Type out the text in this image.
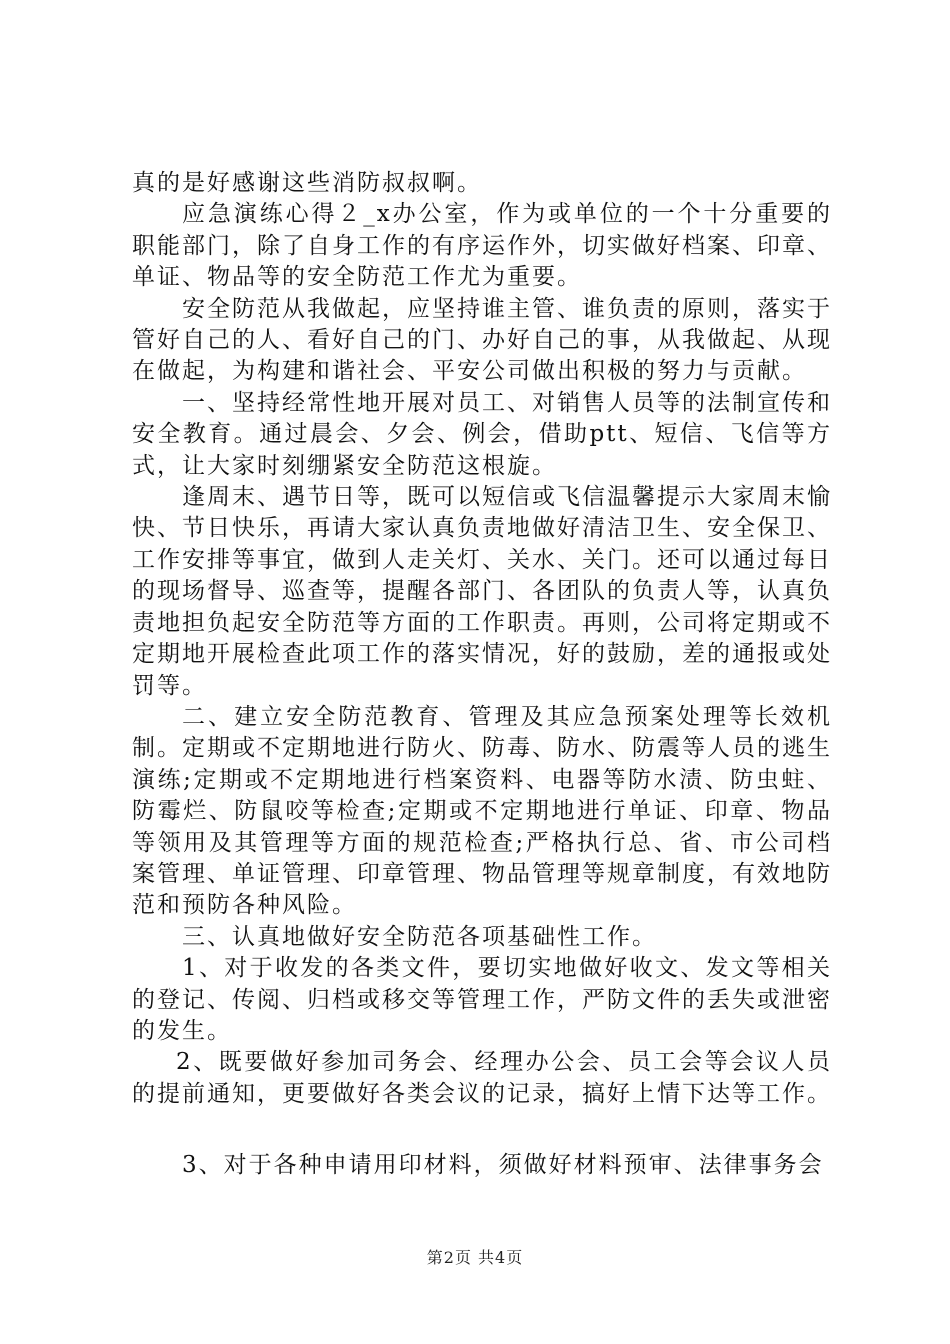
真的是好感谢这些消防叔叔啊。

应急演练心得２_x办公室，作为或单位的一个十分重要的职能部门，除了自身工作的有序运作外，切实做好档案、印章、单证、物品等的安全防范工作尤为重要。

安全防范从我做起，应坚持谁主管、谁负责的原则，落实于管好自己的人、看好自己的门、办好自己的事，从我做起、从现在做起，为构建和谐社会、平安公司做出积极的努力与贡献。

一、坚持经常性地开展对员工、对销售人员等的法制宣传和安全教育。通过晨会、夕会、例会，借助ptt、短信、飞信等方式，让大家时刻绷紧安全防范这根旋。

逢周末、遇节日等，既可以短信或飞信温馨提示大家周末愉快、节日快乐，再请大家认真负责地做好清洁卫生、安全保卫、工作安排等事宜，做到人走关灯、关水、关门。还可以通过每日的现场督导、巡查等，提醒各部门、各团队的负责人等，认真负责地担负起安全防范等方面的工作职责。再则，公司将定期或不定期地开展检查此项工作的落实情况，好的鼓励，差的通报或处罚等。

二、建立安全防范教育、管理及其应急预案处理等长效机制。定期或不定期地进行防火、防毒、防水、防震等人员的逃生演练;定期或不定期地进行档案资料、电器等防水渍、防虫蛀、防霉烂、防鼠咬等检查;定期或不定期地进行单证、印章、物品等领用及其管理等方面的规范检查;严格执行总、省、市公司档案管理、单证管理、印章管理、物品管理等规章制度，有效地防范和预防各种风险。

三、认真地做好安全防范各项基础性工作。

1、对于收发的各类文件，要切实地做好收文、发文等相关的登记、传阅、归档或移交等管理工作，严防文件的丢失或泄密的发生。

2、既要做好参加司务会、经理办公会、员工会等会议人员的提前通知，更要做好各类会议的记录，搞好上情下达等工作。

3、对于各种申请用印材料，须做好材料预审、法律事务会

第2页 共4页
